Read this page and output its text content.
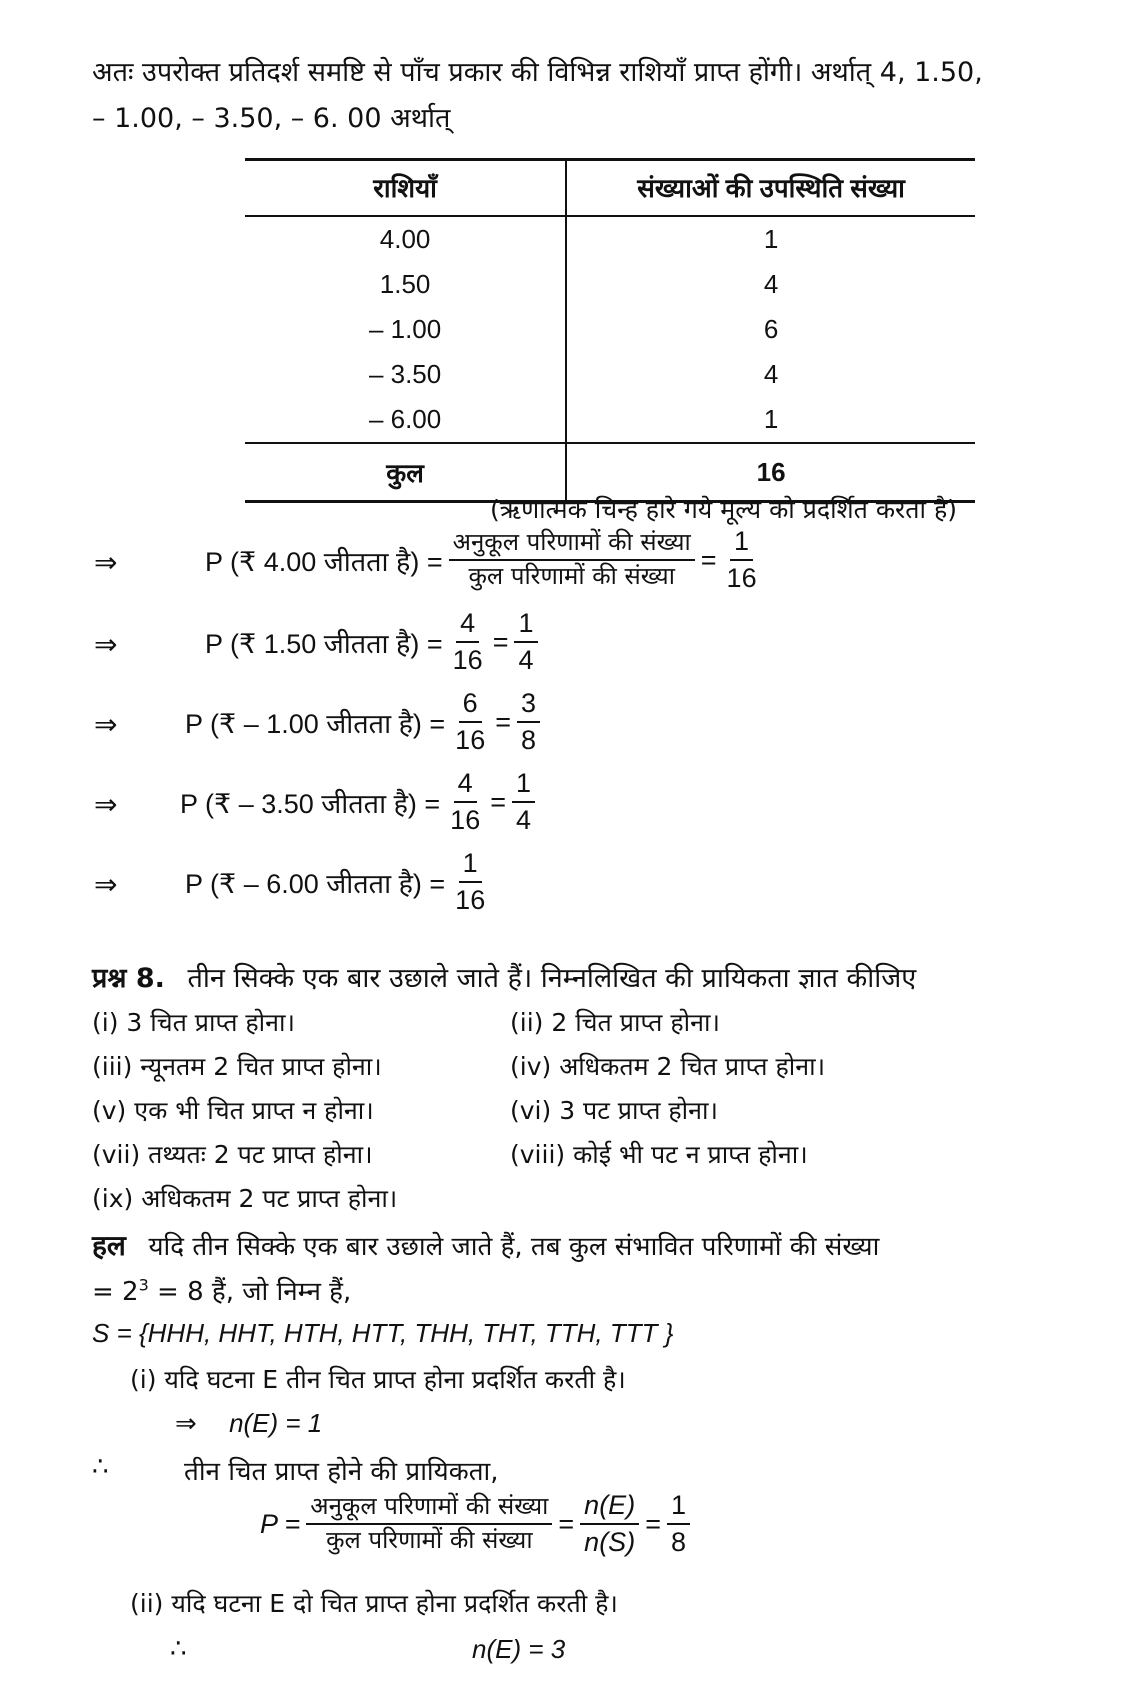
अतः उपरोक्त प्रतिदर्श समष्टि से पाँच प्रकार की विभिन्न राशियाँ प्राप्त होंगी। अर्थात् 4, 1.50,
– 1.00, – 3.50, – 6. 00 अर्थात्
राशियाँ	संख्याओं की उपस्थिति संख्या
4.00	1
1.50	4
– 1.00	6
– 3.50	4
– 6.00	1
कुल	16
(ऋणात्मक चिन्ह हारे गये मूल्य को प्रदर्शित करता है)
⇒	P (₹ 4.00 जीतता है) = $\frac{\text{अनुकूल परिणामों की संख्या}}{\text{कुल परिणामों की संख्या}} = \frac{1}{16}$
⇒	P (₹ 1.50 जीतता है) = $\frac{4}{16} = \frac{1}{4}$
⇒	P (₹ – 1.00 जीतता है) = $\frac{6}{16} = \frac{3}{8}$
⇒ P (₹ – 3.50 जीतता है) = $\frac{4}{16} = \frac{1}{4}$
⇒	P (₹ – 6.00 जीतता है) = $\frac{1}{16}$
प्रश्न 8. तीन सिक्के एक बार उछाले जाते हैं। निम्नलिखित की प्रायिकता ज्ञात कीजिए
(i) 3 चित प्राप्त होना।	(ii) 2 चित प्राप्त होना।
(iii) न्यूनतम 2 चित प्राप्त होना।	(iv) अधिकतम 2 चित प्राप्त होना।
(v) एक भी चित प्राप्त न होना।	(vi) 3 पट प्राप्त होना।
(vii) तथ्यतः 2 पट प्राप्त होना।	(viii) कोई भी पट न प्राप्त होना।
(ix) अधिकतम 2 पट प्राप्त होना।
हल यदि तीन सिक्के एक बार उछाले जाते हैं, तब कुल संभावित परिणामों की संख्या
= $2^3 = 8$ हैं, जो निम्न हैं,
S = {HHH, HHT, HTH, HTT, THH, THT, TTH, TTT }
(i) यदि घटना E तीन चित प्राप्त होना प्रदर्शित करती है।
⇒ n(E) = 1
∴	तीन चित प्राप्त होने की प्रायिकता,
$P = \frac{\text{अनुकूल परिणामों की संख्या}}{\text{कुल परिणामों की संख्या}} = \frac{n(E)}{n(S)} = \frac{1}{8}$
(ii) यदि घटना E दो चित प्राप्त होना प्रदर्शित करती है।
∴	n(E) = 3
